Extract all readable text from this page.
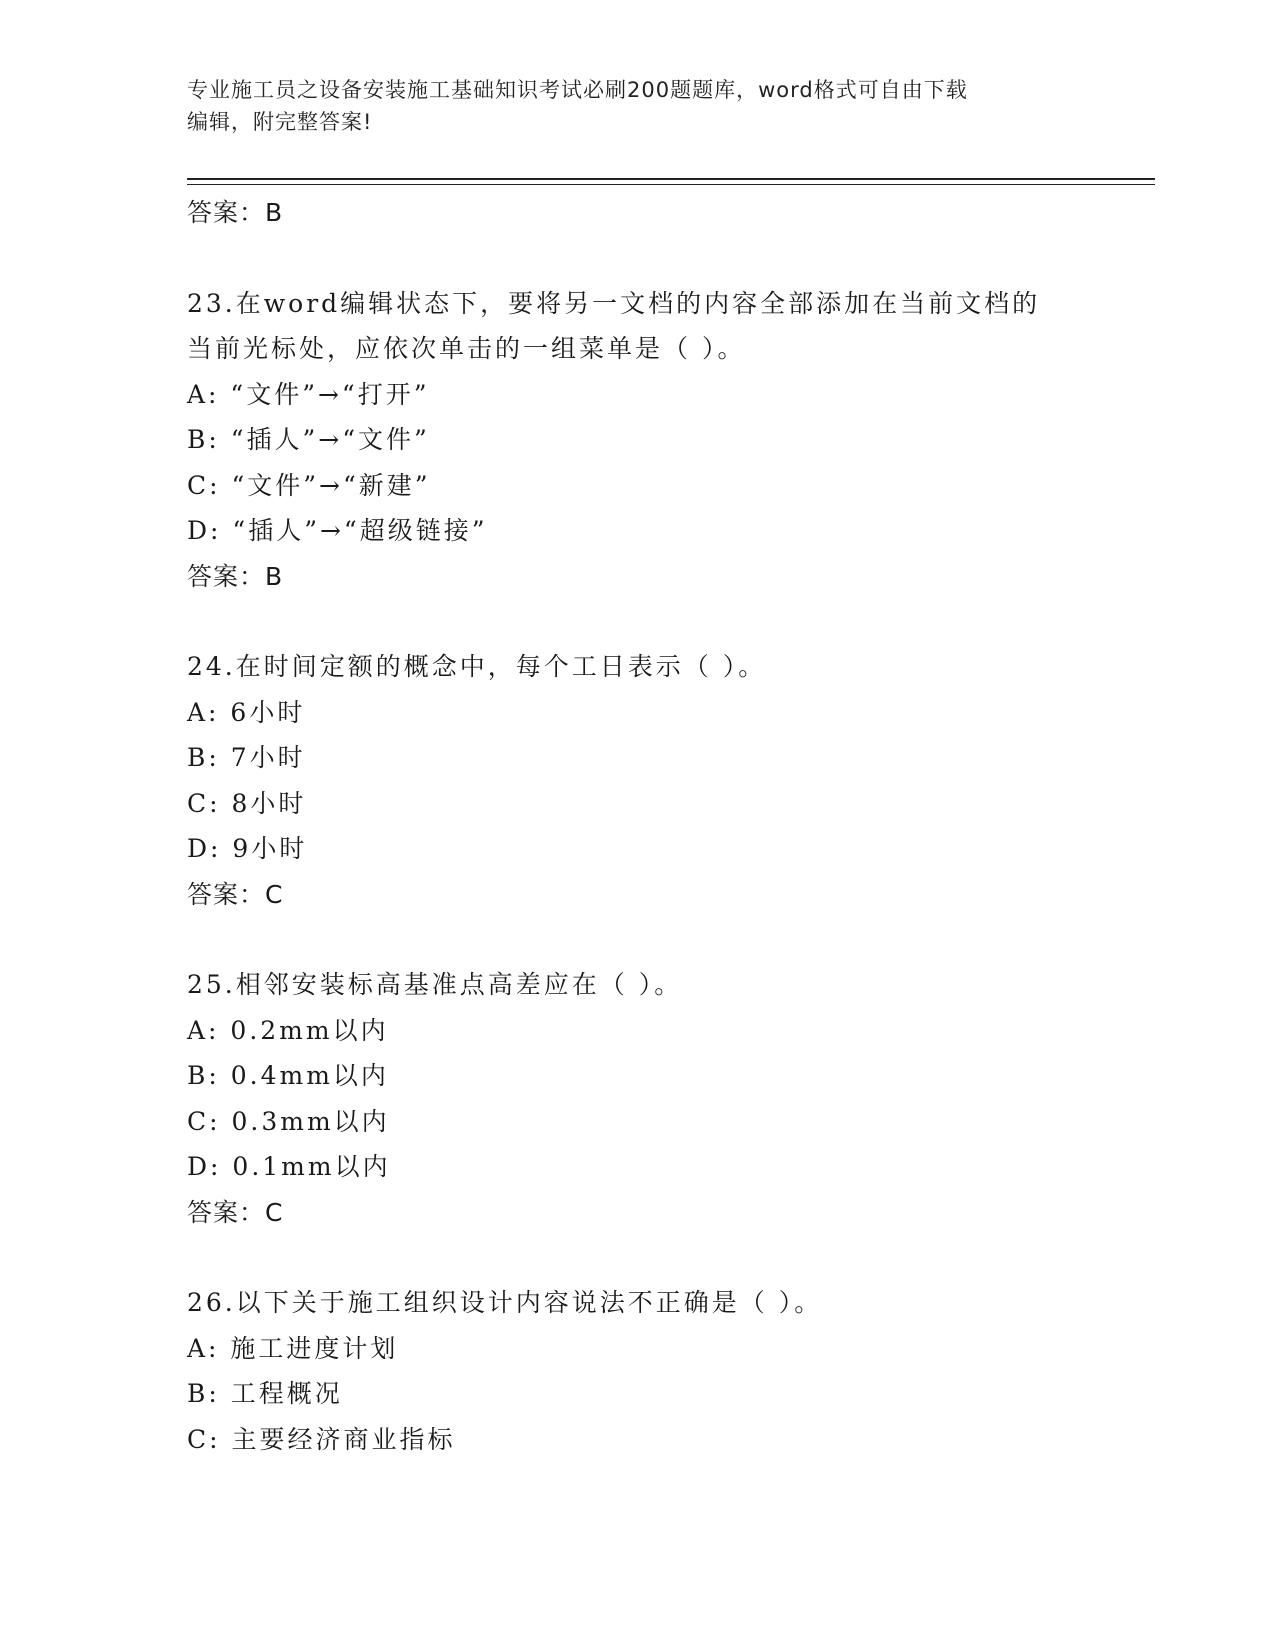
专业施工员之设备安装施工基础知识考试必刷200题题库，word格式可自由下载
编辑，附完整答案!
答案：B
23.在word编辑状态下，要将另一文档的内容全部添加在当前文档的
当前光标处，应依次单击的一组菜单是（ ）。
A: “文件”→“打开”
B: “插人”→“文件”
C: “文件”→“新建”
D: “插人”→“超级链接”
答案：B
24.在时间定额的概念中，每个工日表示（ ）。
A: 6小时
B: 7小时
C: 8小时
D: 9小时
答案：C
25.相邻安装标高基准点高差应在（ ）。
A: 0.2mm以内
B: 0.4mm以内
C: 0.3mm以内
D: 0.1mm以内
答案：C
26.以下关于施工组织设计内容说法不正确是（ ）。
A: 施工进度计划
B: 工程概况
C: 主要经济商业指标
